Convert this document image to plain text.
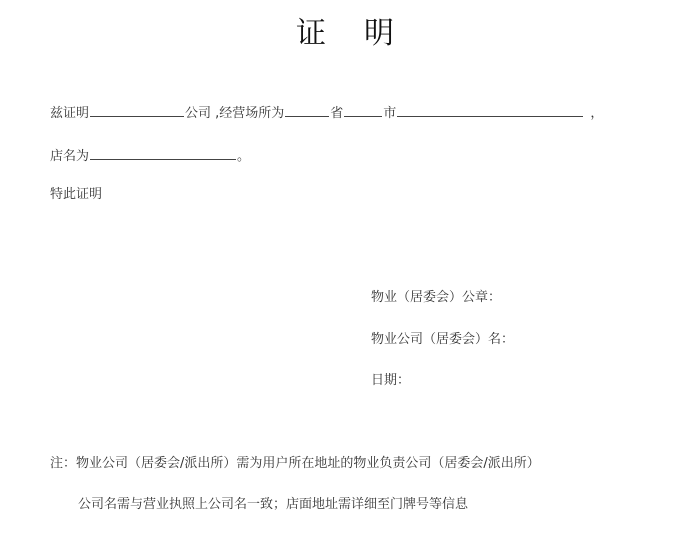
证 明
兹证明	公司 ,经营场所为	省	市	，
店名为	。
特此证明
物业（居委会）公章：
物业公司（居委会）名：
日期：
注：物业公司（居委会/派出所）需为用户所在地址的物业负责公司（居委会/派出所）
公司名需与营业执照上公司名一致；店面地址需详细至门牌号等信息
